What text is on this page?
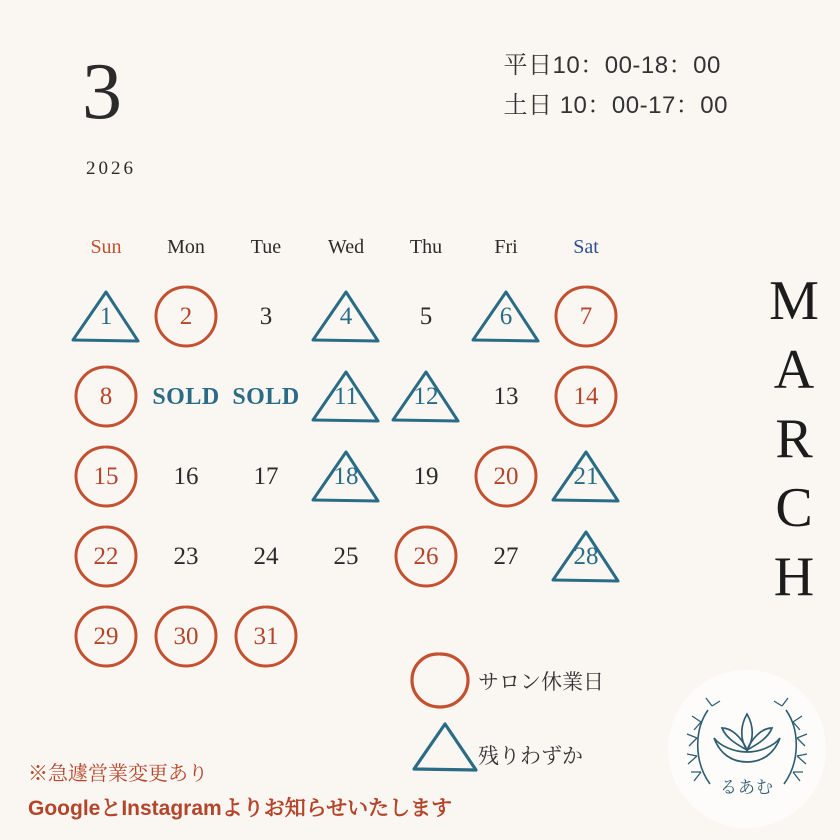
3
2026
平日10：00-18：00
土日 10：00-17：00
MARCH
Sun	Mon	Tue	Wed	Thu	Fri	Sat
1	2	3	4	5	6	7
8 SOLD SOLD 11 12 13 14
15 16 17 18 19 20 21
22 23 24 25 26 27 28
29 30 31
サロン休業日
残りわずか
るあむ
※急遽営業変更あり
GoogleとInstagramよりお知らせいたします
